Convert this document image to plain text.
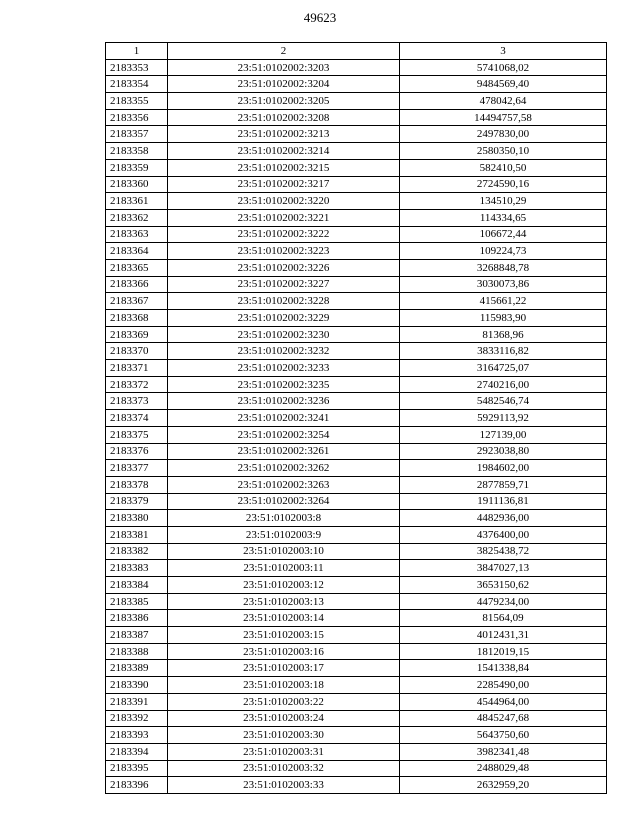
49623
1	2	3
2183353	23:51:0102002:3203	5741068,02
2183354	23:51:0102002:3204	9484569,40
2183355	23:51:0102002:3205	478042,64
2183356	23:51:0102002:3208	14494757,58
2183357	23:51:0102002:3213	2497830,00
2183358	23:51:0102002:3214	2580350,10
2183359	23:51:0102002:3215	582410,50
2183360	23:51:0102002:3217	2724590,16
2183361	23:51:0102002:3220	134510,29
2183362	23:51:0102002:3221	114334,65
2183363	23:51:0102002:3222	106672,44
2183364	23:51:0102002:3223	109224,73
2183365	23:51:0102002:3226	3268848,78
2183366	23:51:0102002:3227	3030073,86
2183367	23:51:0102002:3228	415661,22
2183368	23:51:0102002:3229	115983,90
2183369	23:51:0102002:3230	81368,96
2183370	23:51:0102002:3232	3833116,82
2183371	23:51:0102002:3233	3164725,07
2183372	23:51:0102002:3235	2740216,00
2183373	23:51:0102002:3236	5482546,74
2183374	23:51:0102002:3241	5929113,92
2183375	23:51:0102002:3254	127139,00
2183376	23:51:0102002:3261	2923038,80
2183377	23:51:0102002:3262	1984602,00
2183378	23:51:0102002:3263	2877859,71
2183379	23:51:0102002:3264	1911136,81
2183380	23:51:0102003:8	4482936,00
2183381	23:51:0102003:9	4376400,00
2183382	23:51:0102003:10	3825438,72
2183383	23:51:0102003:11	3847027,13
2183384	23:51:0102003:12	3653150,62
2183385	23:51:0102003:13	4479234,00
2183386	23:51:0102003:14	81564,09
2183387	23:51:0102003:15	4012431,31
2183388	23:51:0102003:16	1812019,15
2183389	23:51:0102003:17	1541338,84
2183390	23:51:0102003:18	2285490,00
2183391	23:51:0102003:22	4544964,00
2183392	23:51:0102003:24	4845247,68
2183393	23:51:0102003:30	5643750,60
2183394	23:51:0102003:31	3982341,48
2183395	23:51:0102003:32	2488029,48
2183396	23:51:0102003:33	2632959,20
